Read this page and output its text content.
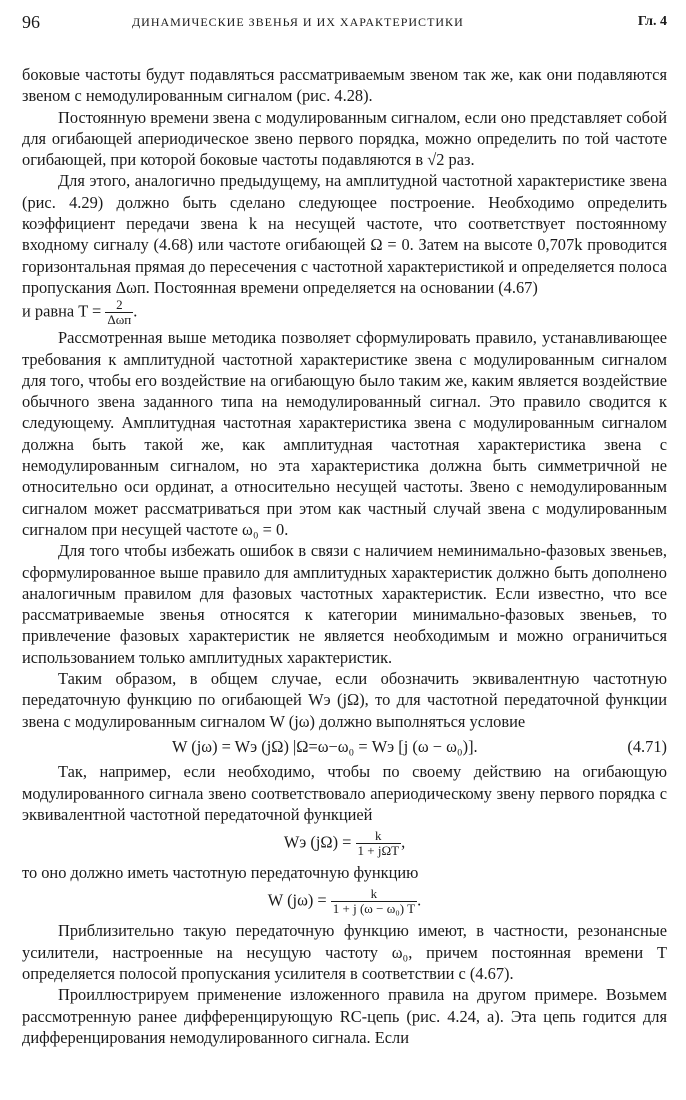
96	ДИНАМИЧЕСКИЕ ЗВЕНЬЯ И ИХ ХАРАКТЕРИСТИКИ	Гл. 4

боковые частоты будут подавляться рассматриваемым звеном так же, как они подавляются звеном с немодулированным сигналом (рис. 4.28).

Постоянную времени звена с модулированным сигналом, если оно представляет собой для огибающей апериодическое звено первого порядка, можно определить по той частоте огибающей, при которой боковые частоты подавляются в √2 раз.

Для этого, аналогично предыдущему, на амплитудной частотной характеристике звена (рис. 4.29) должно быть сделано следующее построение. Необходимо определить коэффициент передачи звена k на несущей частоте, что соответствует постоянному входному сигналу (4.68) или частоте огибающей Ω = 0. Затем на высоте 0,707k проводится горизонтальная прямая до пересечения с частотной характеристикой и определяется полоса пропускания Δωп. Постоянная времени определяется на основании (4.67)

и равна $T = \frac{2}{\text{Δωп}}$ .

Рассмотренная выше методика позволяет сформулировать правило, устанавливающее требования к амплитудной частотной характеристике звена с модулированным сигналом для того, чтобы его воздействие на огибающую было таким же, каким является воздействие обычного звена заданного типа на немодулированный сигнал. Это правило сводится к следующему. Амплитудная частотная характеристика звена с модулированным сигналом должна быть такой же, как амплитудная частотная характеристика звена с немодулированным сигналом, но эта характеристика должна быть симметричной не относительно оси ординат, а относительно несущей частоты. Звено с немодулированным сигналом может рассматриваться при этом как частный случай звена с модулированным сигналом при несущей частоте ω₀ = 0.

Для того чтобы избежать ошибок в связи с наличием неминимально-фазовых звеньев, сформулированное выше правило для амплитудных характеристик должно быть дополнено аналогичным правилом для фазовых частотных характеристик. Если известно, что все рассматриваемые звенья относятся к категории минимально-фазовых звеньев, то привлечение фазовых характеристик не является необходимым и можно ограничиться использованием только амплитудных характеристик.

Таким образом, в общем случае, если обозначить эквивалентную частотную передаточную функцию по огибающей Wэ (jΩ), то для частотной передаточной функции звена с модулированным сигналом W (jω) должно выполняться условие

W (jω) = Wэ (jΩ) |Ω=ω−ω₀ = Wэ [j (ω − ω₀)].	(4.71)

Так, например, если необходимо, чтобы по своему действию на огибающую модулированного сигнала звено соответствовало апериодическому звену первого порядка с эквивалентной частотной передаточной функцией

Wэ $(j\Omega) = \frac{k}{\text{1 + jΩT}}$ ,

то оно должно иметь частотную передаточную функцию

W $(j\omega) = \frac{k}{\text{1 + j (ω − ω₀) T}}$ .

Приблизительно такую передаточную функцию имеют, в частности, резонансные усилители, настроенные на несущую частоту ω₀, причем постоянная времени T определяется полосой пропускания усилителя в соответствии с (4.67).

Проиллюстрируем применение изложенного правила на другом примере. Возьмем рассмотренную ранее дифференцирующую RC-цепь (рис. 4.24, а). Эта цепь годится для дифференцирования немодулированного сигнала. Если
